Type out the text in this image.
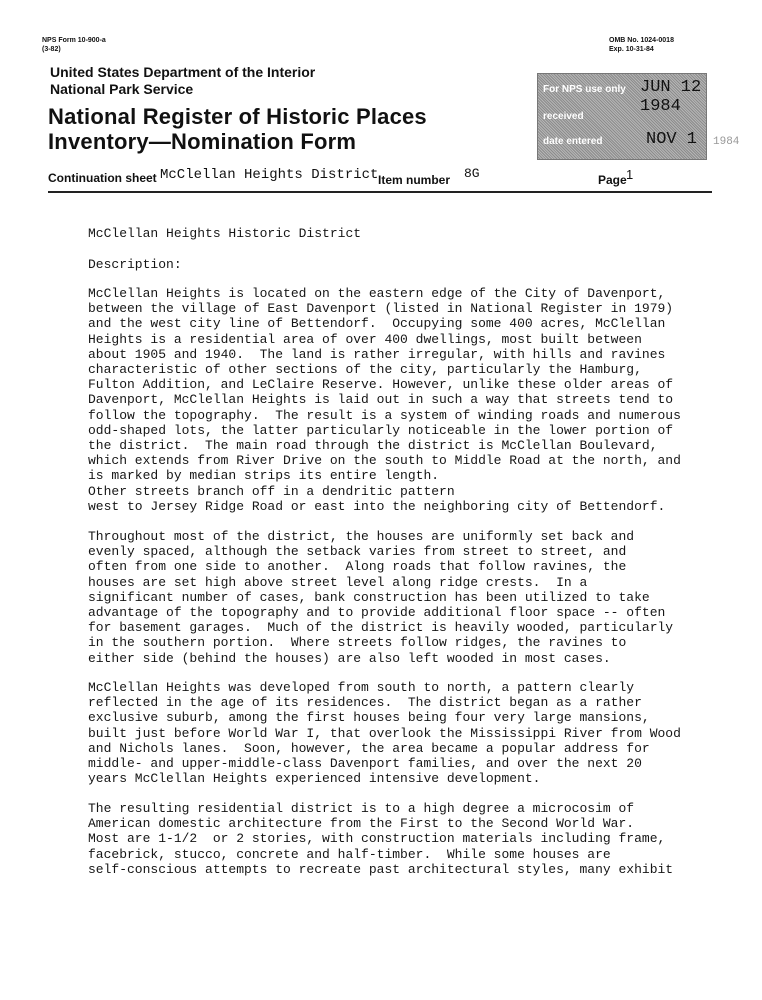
NPS Form 10-900-a
(3-82)
OMB No. 1024-0018
Exp. 10-31-84
United States Department of the Interior
National Park Service
National Register of Historic Places
Inventory—Nomination Form
For NPS use only JUN 12 1984
received
date entered	NOV 1 1984
Continuation sheet McClellan Heights District Item number 8G	Page 1
McClellan Heights Historic District
Description:
McClellan Heights is located on the eastern edge of the City of Davenport,
between the village of East Davenport (listed in National Register in 1979)
and the west city line of Bettendorf.  Occupying some 400 acres, McClellan
Heights is a residential area of over 400 dwellings, most built between
about 1905 and 1940.  The land is rather irregular, with hills and ravines
characteristic of other sections of the city, particularly the Hamburg,
Fulton Addition, and LeClaire Reserve. However, unlike these older areas of
Davenport, McClellan Heights is laid out in such a way that streets tend to
follow the topography.  The result is a system of winding roads and numerous
odd-shaped lots, the latter particularly noticeable in the lower portion of
the district.  The main road through the district is McClellan Boulevard,
which extends from River Drive on the south to Middle Road at the north, and
is marked by median strips its entire length.
Other streets branch off in a dendritic pattern
west to Jersey Ridge Road or east into the neighboring city of Bettendorf.
Throughout most of the district, the houses are uniformly set back and
evenly spaced, although the setback varies from street to street, and
often from one side to another.  Along roads that follow ravines, the
houses are set high above street level along ridge crests.  In a
significant number of cases, bank construction has been utilized to take
advantage of the topography and to provide additional floor space -- often
for basement garages.  Much of the district is heavily wooded, particularly
in the southern portion.  Where streets follow ridges, the ravines to
either side (behind the houses) are also left wooded in most cases.
McClellan Heights was developed from south to north, a pattern clearly
reflected in the age of its residences.  The district began as a rather
exclusive suburb, among the first houses being four very large mansions,
built just before World War I, that overlook the Mississippi River from Wood
and Nichols lanes.  Soon, however, the area became a popular address for
middle- and upper-middle-class Davenport families, and over the next 20
years McClellan Heights experienced intensive development.
The resulting residential district is to a high degree a microcosim of
American domestic architecture from the First to the Second World War.
Most are 1-1/2  or 2 stories, with construction materials including frame,
facebrick, stucco, concrete and half-timber.  While some houses are
self-conscious attempts to recreate past architectural styles, many exhibit
